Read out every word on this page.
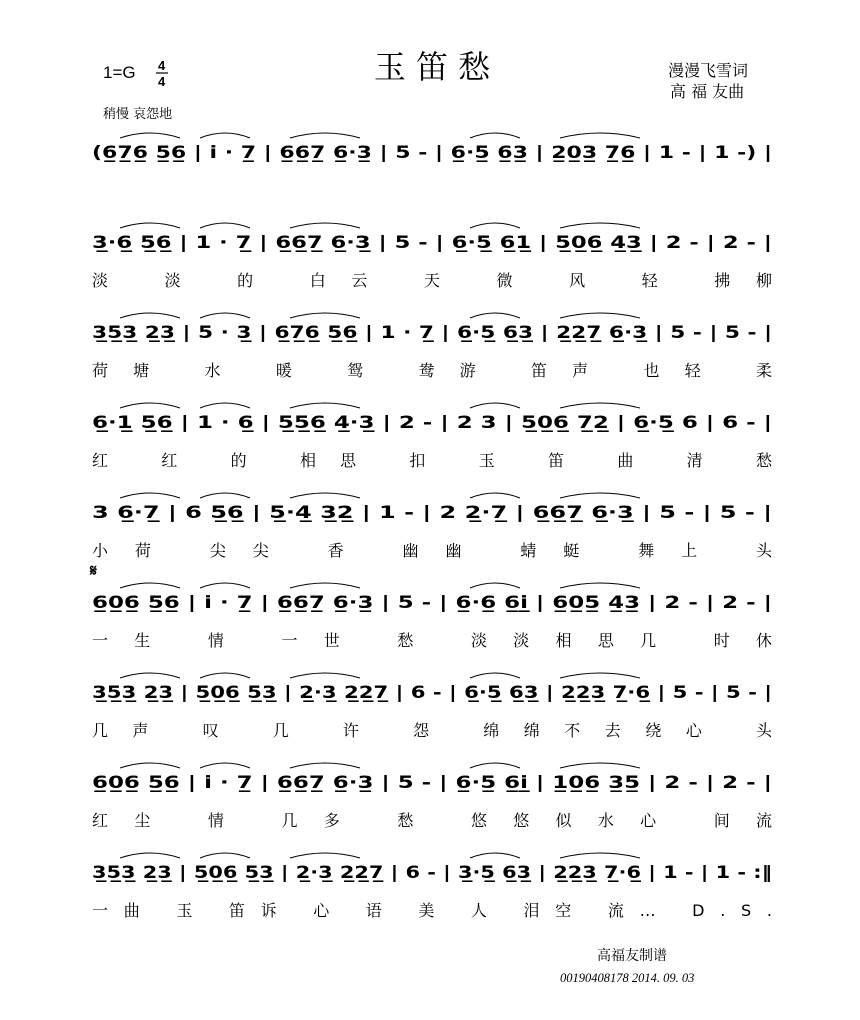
1=G 4
4	玉 笛 愁	漫漫飞雪词
高 福 友曲
稍慢 哀怨地
𝄋
(6̲7̲6̲ 5̲6̲ | i̇ · 7̲ | 6̲6̲7̲ 6̲·3̲ | 5 - | 6̲·5̲ 6̲3̲ | 2̲0̲3̲ 7̲6̲ | 1 - | 1 -) |
3̲·6̲ 5̲6̲ | 1 · 7̲ | 6̲6̲7̲ 6̲·3̲ | 5 - | 6̲·5̲ 6̲1̲ | 5̲0̲6̲ 4̲3̲ | 2 - | 2 - |
淡 淡 的 白云 天 微 风 轻 拂柳
3̲5̲3̲ 2̲3̲ | 5 · 3̲ | 6̲7̲6̲ 5̲6̲ | 1 · 7̲ | 6̲·5̲ 6̲3̲ | 2̲2̲7̲ 6̲·3̲ | 5 - | 5 - |
荷塘 水 暖 鸳 鸯游 笛声 也轻 柔
6̲·1̲ 5̲6̲ | 1 · 6̲ | 5̲5̲6̲ 4̲·3̲ | 2 - | 2 3 | 5̲0̲6̲ 7̲2̲ | 6̲·5̲ 6 | 6 - |
红 红 的 相思 扣 玉 笛 曲 清 愁
3 6̲·7̲ | 6 5̲6̲ | 5̲·4̲ 3̲2̲ | 1 - | 2 2̲·7̲ | 6̲6̲7̲ 6̲·3̲ | 5 - | 5 - |
小荷 尖尖 香 幽幽 蜻蜓 舞上 头
6̲0̲6̲ 5̲6̲ | i̇ · 7̲ | 6̲6̲7̲ 6̲·3̲ | 5 - | 6̲·6̲ 6̲i̲̇ | 6̲0̲5̲ 4̲3̲ | 2 - | 2 - |
一生 情 一世 愁 淡淡相思几 时休
3̲5̲3̲ 2̲3̲ | 5̲0̲6̲ 5̲3̲ | 2̲·3̲ 2̲2̲7̲ | 6 - | 6̲·5̲ 6̲3̲ | 2̲2̲3̲ 7̲·6̲ | 5 - | 5 - |
几声 叹 几 许 怨 绵绵不去绕心 头
6̲0̲6̲ 5̲6̲ | i̇ · 7̲ | 6̲6̲7̲ 6̲·3̲ | 5 - | 6̲·5̲ 6̲i̲̇ | 1̲0̲6̲ 3̲5̲ | 2 - | 2 - |
红尘 情 几多 愁 悠悠似水心 间流
3̲5̲3̲ 2̲3̲ | 5̲0̲6̲ 5̲3̲ | 2̲·3̲ 2̲2̲7̲ | 6 - | 3̲·5̲ 6̲3̲ | 2̲2̲3̲ 7̲·6̲ | 1 - | 1 - :‖
一曲 玉 笛诉 心 语 美 人 泪空 流… D.S.
高福友制谱
00190408178 2014. 09. 03
